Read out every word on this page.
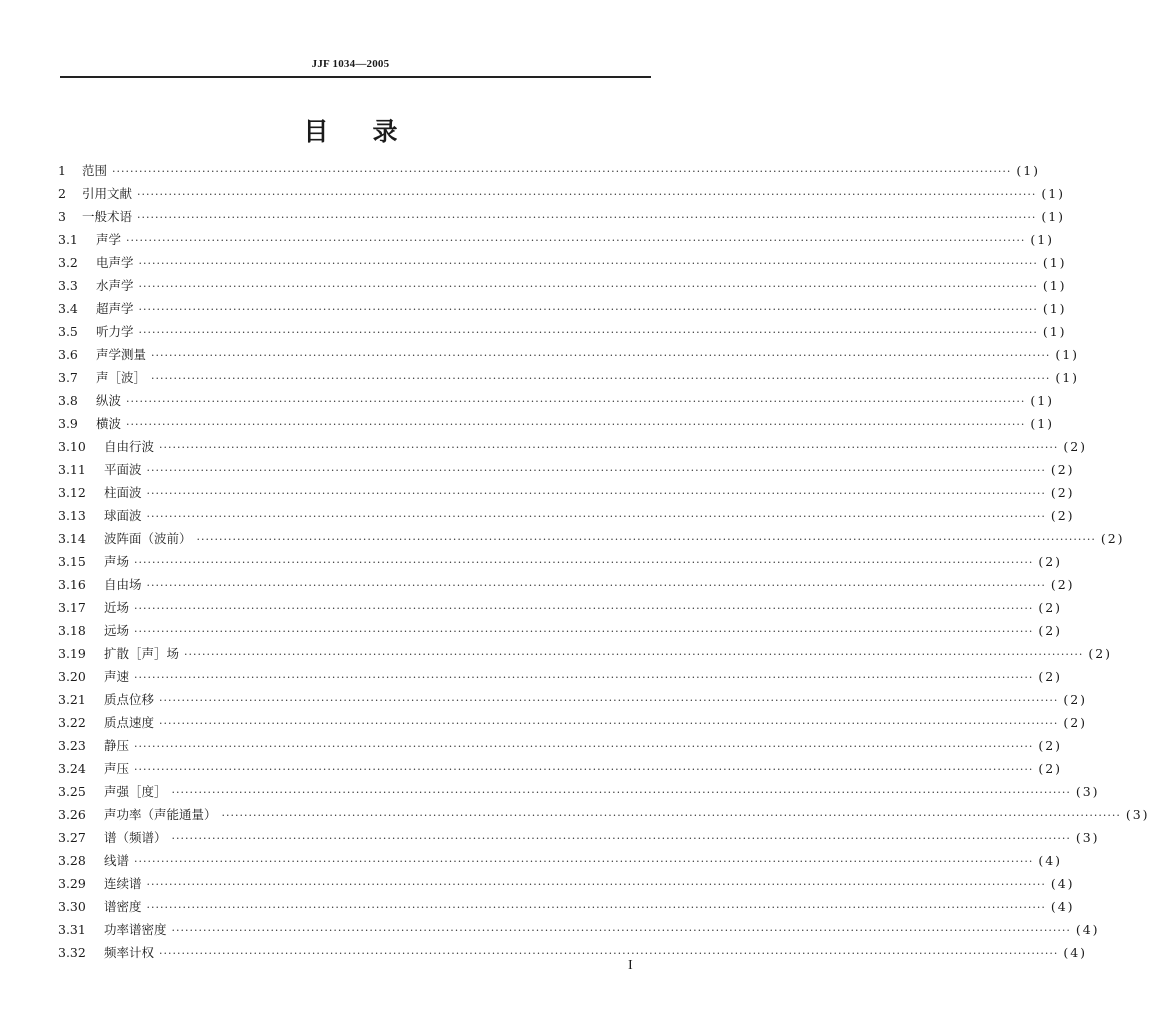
JJF 1034—2005
目录
1	范围 ········································································································································································································ (1)
2	引用文献 ········································································································································································································ (1)
3	一般术语 ········································································································································································································ (1)
3.1	声学 ········································································································································································································ (1)
3.2	电声学 ········································································································································································································ (1)
3.3	水声学 ········································································································································································································ (1)
3.4	超声学 ········································································································································································································ (1)
3.5	听力学 ········································································································································································································ (1)
3.6	声学测量 ········································································································································································································ (1)
3.7	声［波］ ········································································································································································································ (1)
3.8	纵波 ········································································································································································································ (1)
3.9	横波 ········································································································································································································ (1)
3.10	自由行波 ········································································································································································································ (2)
3.11	平面波 ········································································································································································································ (2)
3.12	柱面波 ········································································································································································································ (2)
3.13	球面波 ········································································································································································································ (2)
3.14	波阵面（波前） ········································································································································································································ (2)
3.15	声场 ········································································································································································································ (2)
3.16	自由场 ········································································································································································································ (2)
3.17	近场 ········································································································································································································ (2)
3.18	远场 ········································································································································································································ (2)
3.19	扩散［声］场 ········································································································································································································ (2)
3.20	声速 ········································································································································································································ (2)
3.21	质点位移 ········································································································································································································ (2)
3.22	质点速度 ········································································································································································································ (2)
3.23	静压 ········································································································································································································ (2)
3.24	声压 ········································································································································································································ (2)
3.25	声强［度］ ········································································································································································································ (3)
3.26	声功率（声能通量） ········································································································································································································ (3)
3.27	谱（频谱） ········································································································································································································ (3)
3.28	线谱 ········································································································································································································ (4)
3.29	连续谱 ········································································································································································································ (4)
3.30	谱密度 ········································································································································································································ (4)
3.31	功率谱密度 ········································································································································································································ (4)
3.32	频率计权 ········································································································································································································ (4)
I
